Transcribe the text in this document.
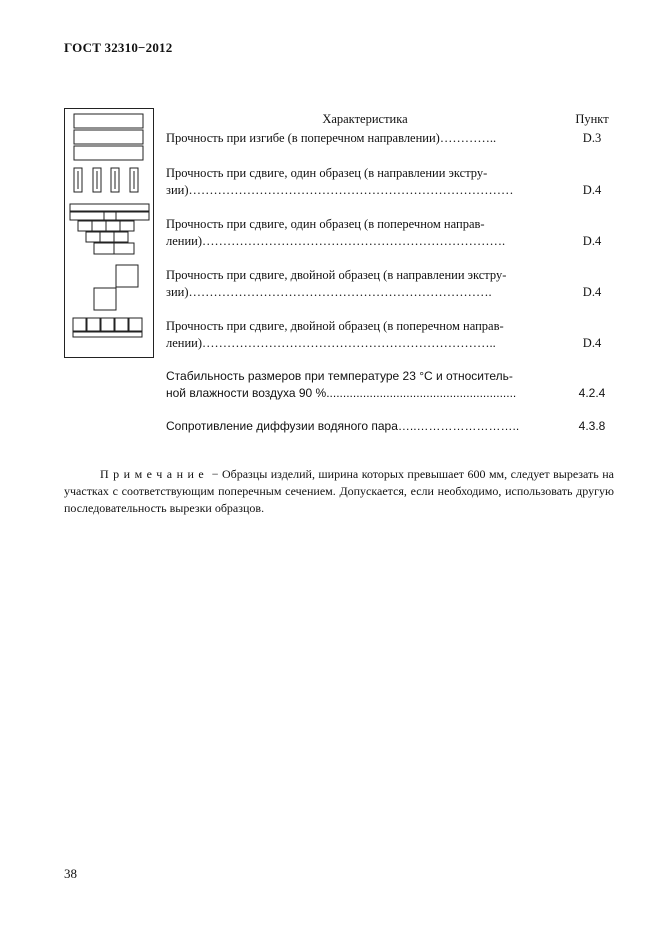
ГОСТ 32310−2012
Характеристика	Пункт
Прочность при изгибе (в поперечном направлении)…………..	D.3
Прочность при сдвиге, один образец (в направлении экстру-
зии)……………………………………………………………………	D.4
Прочность при сдвиге, один образец (в поперечном направ-
лении)……………………………………………………………….	D.4
Прочность при сдвиге, двойной образец (в направлении экстру-
зии)……………………………………………………………….	D.4
Прочность при сдвиге, двойной образец (в поперечном направ-
лении)……………………………………………………………..	D.4
Стабильность размеров при температуре 23 °С и относитель-
ной влажности воздуха 90 %.........................................................	4.2.4
Сопротивление диффузии водяного пара…..……………………..	4.3.8
Примечание − Образцы изделий, ширина которых превышает 600 мм, следует вырезать на участках с соответствующим поперечным сечением. Допускается, если необходимо, использовать другую последовательность вырезки образцов.
38
